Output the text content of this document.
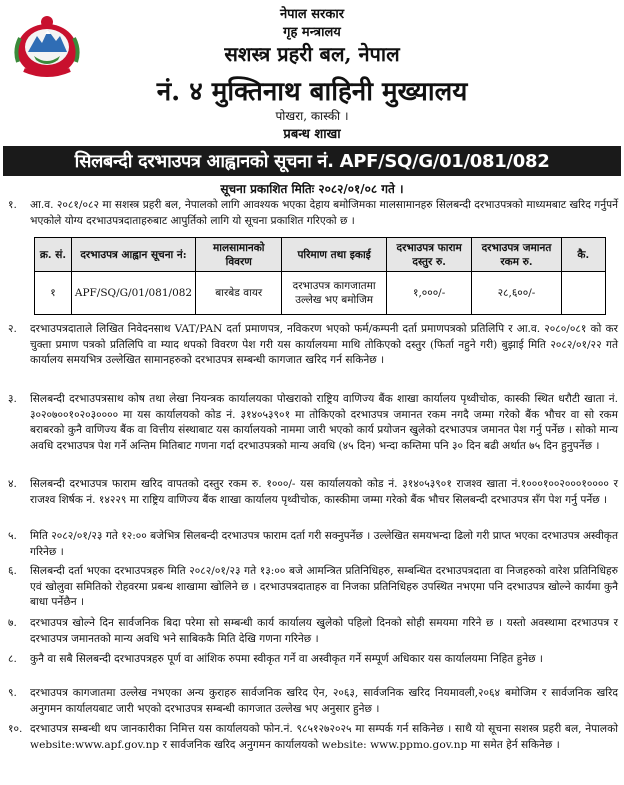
नेपाल सरकार
गृह मन्त्रालय
सशस्त्र प्रहरी बल, नेपाल
नं. ४ मुक्तिनाथ बाहिनी मुख्यालय
पोखरा, कास्की ।
प्रबन्ध शाखा
सिलबन्दी दरभाउपत्र आह्वानको सूचना नं. APF/SQ/G/01/081/082
सूचना प्रकाशित मितिः २०८२/०१/०८ गते ।
१.	आ.व. २०८१/०८२ मा सशस्त्र प्रहरी बल, नेपालको लागि आवश्यक भएका देहाय बमोजिमका मालसामानहरु सिलबन्दी दरभाउपत्रको माध्यमबाट खरिद गर्नुपर्ने भएकोले योग्य दरभाउपत्रदाताहरुबाट आपुर्तिको लागि यो सूचना प्रकाशित गरिएको छ ।
क्र. सं.	दरभाउपत्र आह्वान सूचना नं:	मालसामानको विवरण	परिमाण तथा इकाई	दरभाउपत्र फाराम दस्तुर रु.	दरभाउपत्र जमानत रकम रु.	कै.
१	APF/SQ/G/01/081/082	बारबेड वायर	दरभाउपत्र कागजातमा उल्लेख भए बमोजिम	१,०००/-	२८,६००/-	
२.	दरभाउपत्रदाताले लिखित निवेदनसाथ VAT/PAN दर्ता प्रमाणपत्र, नविकरण भएको फर्म/कम्पनी दर्ता प्रमाणपत्रको प्रतिलिपि र आ.व. २०८०/०८१ को कर चुक्ता प्रमाण पत्रको प्रतिलिपि वा म्याद थपको विवरण पेश गरी यस कार्यालयमा माथि तोकिएको दस्तुर (फिर्ता नहुने गरी) बुझाई मिति २०८२/०१/२२ गते कार्यालय समयभित्र उल्लेखित सामानहरुको दरभाउपत्र सम्बन्धी कागजात खरिद गर्न सकिनेछ ।
३.	सिलबन्दी दरभाउपत्रसाथ कोष तथा लेखा नियन्त्रक कार्यालयका पोखराको राष्ट्रिय वाणिज्य बैंक शाखा कार्यालय पृथ्वीचोक, कास्की स्थित धरौटी खाता नं. ३०२०७००१०२०३०००० मा यस कार्यालयको कोड नं. ३१४०५३९०१ मा तोकिएको दरभाउपत्र जमानत रकम नगदै जम्मा गरेको बैंक भौचर वा सो रकम बराबरको कुनै वाणिज्य बैंक वा वित्तीय संस्थाबाट यस कार्यालयको नाममा जारी भएको कार्य प्रयोजन खुलेको दरभाउपत्र जमानत पेश गर्नु पर्नेछ । सोको मान्य अवधि दरभाउपत्र पेश गर्ने अन्तिम मितिबाट गणना गर्दा दरभाउपत्रको मान्य अवधि (४५ दिन) भन्दा कम्तिमा पनि ३० दिन बढी अर्थात ७५ दिन हुनुपर्नेछ ।
४.	सिलबन्दी दरभाउपत्र फाराम खरिद वापतको दस्तुर रकम रु. १०००/- यस कार्यालयको कोड नं. ३१४०५३९०१ राजश्व खाता नं.१०००१००२०००१०००० र राजश्व शिर्षक नं. १४२२९ मा राष्ट्रिय वाणिज्य बैंक शाखा कार्यालय पृथ्वीचोक, कास्कीमा जम्मा गरेको बैंक भौचर सिलबन्दी दरभाउपत्र सँग पेश गर्नु पर्नेछ ।
५.	मिति २०८२/०१/२३ गते १२:०० बजेभित्र सिलबन्दी दरभाउपत्र फाराम दर्ता गरी सक्नुपर्नेछ । उल्लेखित समयभन्दा ढिलो गरी प्राप्त भएका दरभाउपत्र अस्वीकृत गरिनेछ ।
६.	सिलबन्दी दर्ता भएका दरभाउपत्रहरु मिति २०८२/०१/२३ गते १३:०० बजे आमन्त्रित प्रतिनिधिहरु, सम्बन्धित दरभाउपत्रदाता वा निजहरुको वारेश प्रतिनिधिहरु एवं खोलुवा समितिको रोहवरमा प्रबन्ध शाखामा खोलिने छ । दरभाउपत्रदाताहरु वा निजका प्रतिनिधिहरु उपस्थित नभएमा पनि दरभाउपत्र खोल्ने कार्यमा कुनै बाधा पर्नेछैन ।
७.	दरभाउपत्र खोल्ने दिन सार्वजनिक बिदा परेमा सो सम्बन्धी कार्य कार्यालय खुलेको पहिलो दिनको सोही समयमा गरिने छ । यस्तो अवस्थामा दरभाउपत्र र दरभाउपत्र जमानतको मान्य अवधि भने साबिककै मिति देखि गणना गरिनेछ ।
८.	कुनै वा सबै सिलबन्दी दरभाउपत्रहरु पूर्ण वा आंशिक रुपमा स्वीकृत गर्ने वा अस्वीकृत गर्ने सम्पूर्ण अधिकार यस कार्यालयमा निहित हुनेछ ।
९.	दरभाउपत्र कागजातमा उल्लेख नभएका अन्य कुराहरु सार्वजनिक खरिद ऐन, २०६३, सार्वजनिक खरिद नियमावली,२०६४ बमोजिम र सार्वजनिक खरिद अनुगमन कार्यालयबाट जारी भएको दरभाउपत्र सम्बन्धी कागजात उल्लेख भए अनुसार हुनेछ ।
१०. दरभाउपत्र सम्बन्धी थप जानकारीका निमित्त यस कार्यालयको फोन.नं. ९८५१२७२०२५ मा सम्पर्क गर्न सकिनेछ । साथै यो सूचना सशस्त्र प्रहरी बल, नेपालको website:www.apf.gov.np र सार्वजनिक खरिद अनुगमन कार्यालयको website: www.ppmo.gov.np मा समेत हेर्न सकिनेछ ।
